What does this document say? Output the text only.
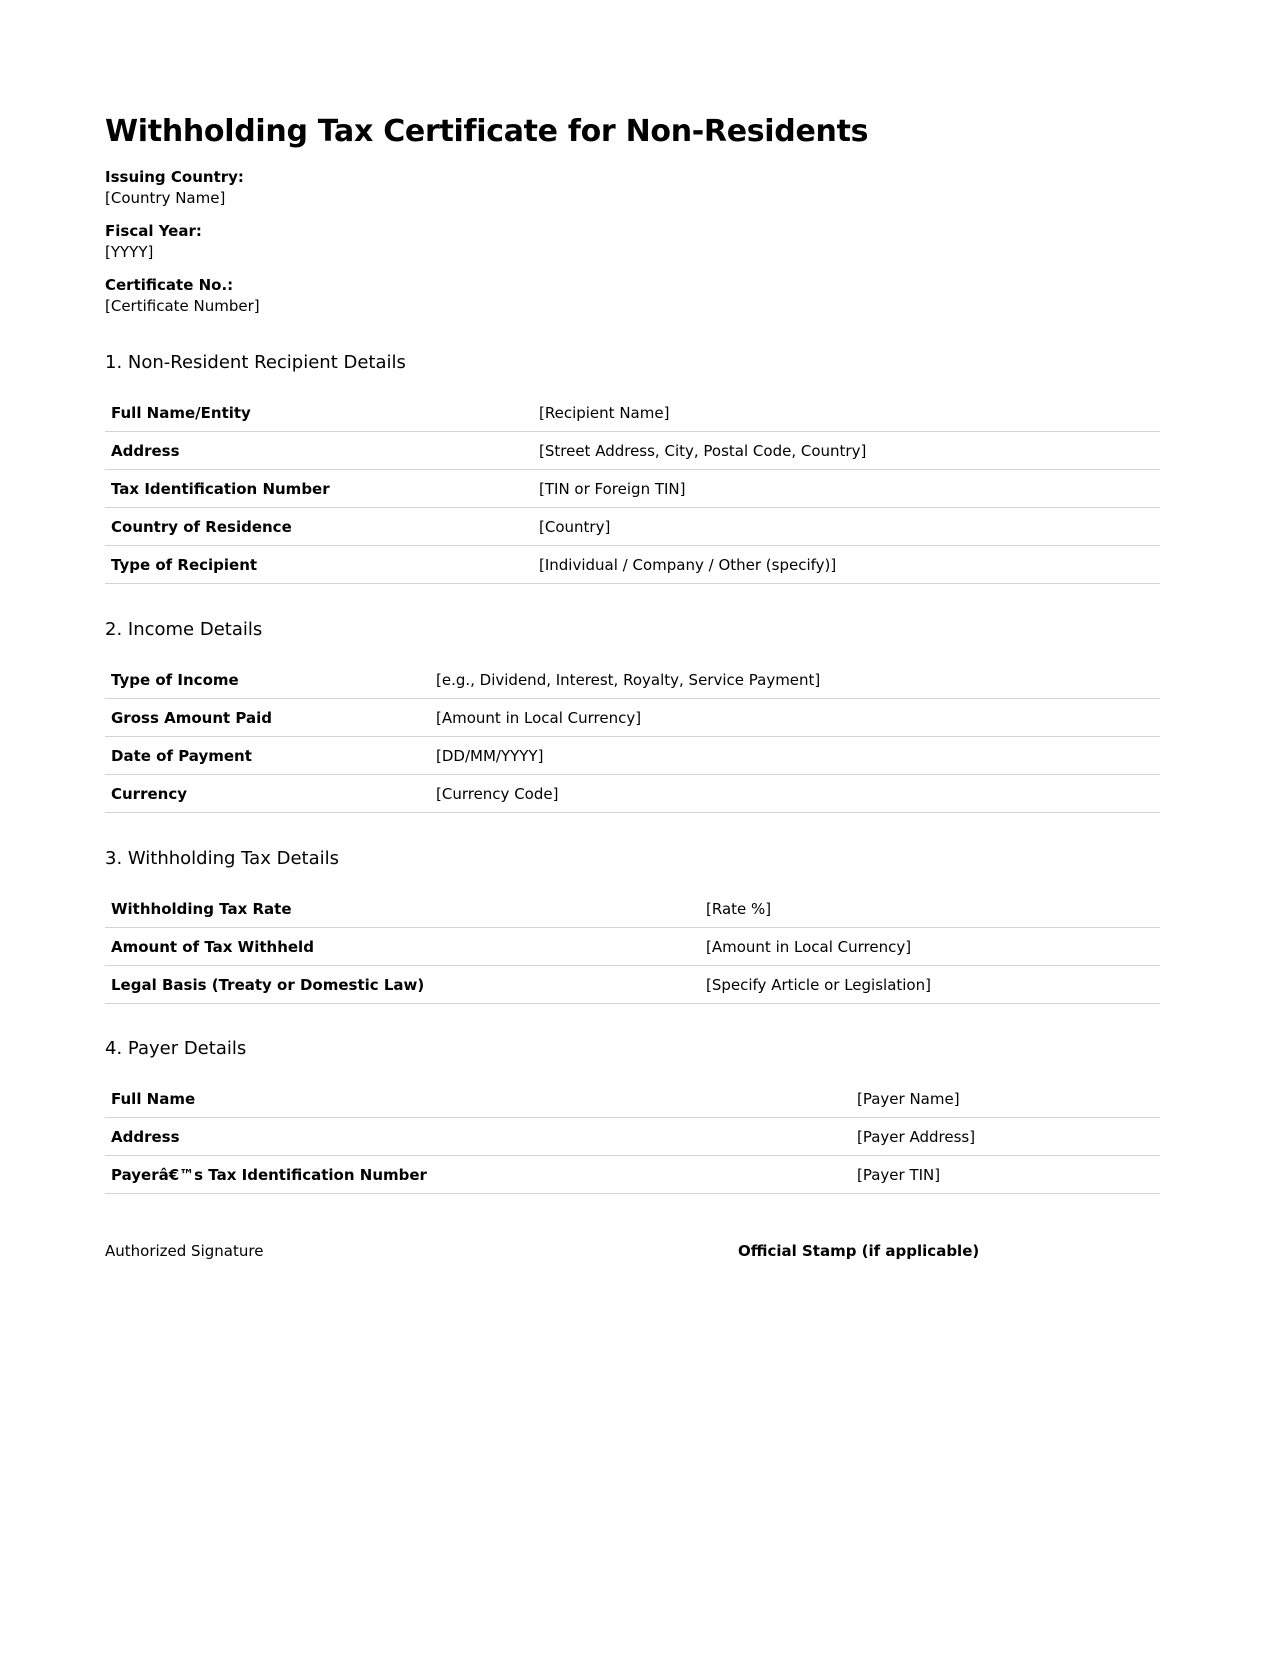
Withholding Tax Certificate for Non-Residents
Issuing Country:
[Country Name]
Fiscal Year:
[YYYY]
Certificate No.:
[Certificate Number]
1. Non-Resident Recipient Details
Full Name/Entity	[Recipient Name]
Address	[Street Address, City, Postal Code, Country]
Tax Identification Number	[TIN or Foreign TIN]
Country of Residence	[Country]
Type of Recipient	[Individual / Company / Other (specify)]
2. Income Details
Type of Income	[e.g., Dividend, Interest, Royalty, Service Payment]
Gross Amount Paid	[Amount in Local Currency]
Date of Payment	[DD/MM/YYYY]
Currency	[Currency Code]
3. Withholding Tax Details
Withholding Tax Rate	[Rate %]
Amount of Tax Withheld	[Amount in Local Currency]
Legal Basis (Treaty or Domestic Law)	[Specify Article or Legislation]
4. Payer Details
Full Name	[Payer Name]
Address	[Payer Address]
Payerâ€™s Tax Identification Number	[Payer TIN]
Authorized Signature	Official Stamp (if applicable)
